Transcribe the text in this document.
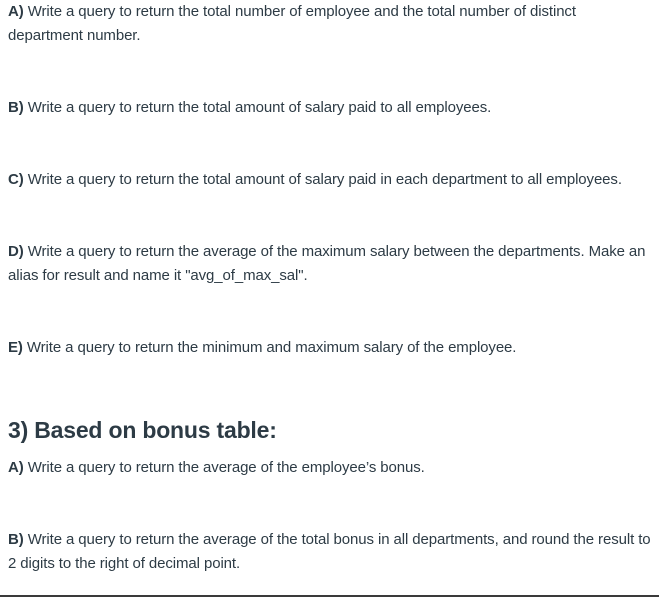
A) Write a query to return the total number of employee and the total number of distinct department number.

B) Write a query to return the total amount of salary paid to all employees.

C) Write a query to return the total amount of salary paid in each department to all employees.

D) Write a query to return the average of the maximum salary between the departments. Make an alias for result and name it "avg_of_max_sal".

E) Write a query to return the minimum and maximum salary of the employee.

3) Based on bonus table:

A) Write a query to return the average of the employee’s bonus.

B) Write a query to return the average of the total bonus in all departments, and round the result to 2 digits to the right of decimal point.
